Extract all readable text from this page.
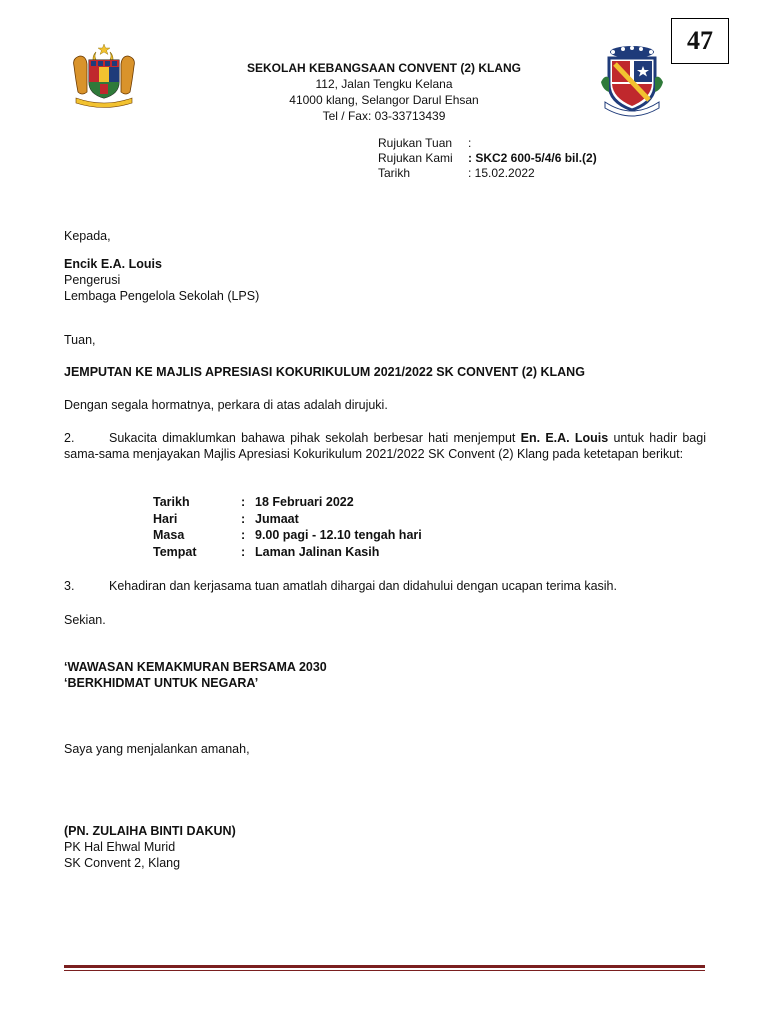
47
SEKOLAH KEBANGSAAN CONVENT (2) KLANG
112, Jalan Tengku Kelana
41000 klang, Selangor Darul Ehsan
Tel / Fax: 03-33713439
Rujukan Tuan	:
Rujukan Kami	: SKC2 600-5/4/6 bil.(2)
Tarikh	: 15.02.2022
Kepada,
Encik E.A. Louis
Pengerusi
Lembaga Pengelola Sekolah (LPS)
Tuan,
JEMPUTAN KE MAJLIS APRESIASI KOKURIKULUM 2021/2022 SK CONVENT (2) KLANG
Dengan segala hormatnya, perkara di atas adalah dirujuki.
2.	Sukacita dimaklumkan bahawa pihak sekolah berbesar hati menjemput En. E.A. Louis untuk hadir bagi sama-sama menjayakan Majlis Apresiasi Kokurikulum 2021/2022 SK Convent (2) Klang pada ketetapan berikut:
Tarikh	: 18 Februari 2022
Hari	: Jumaat
Masa	: 9.00 pagi - 12.10 tengah hari
Tempat	: Laman Jalinan Kasih
3.	Kehadiran dan kerjasama tuan amatlah dihargai dan didahului dengan ucapan terima kasih.
Sekian.
‘WAWASAN KEMAKMURAN BERSAMA 2030
‘BERKHIDMAT UNTUK NEGARA’
Saya yang menjalankan amanah,
(PN. ZULAIHA BINTI DAKUN)
PK Hal Ehwal Murid
SK Convent 2, Klang
